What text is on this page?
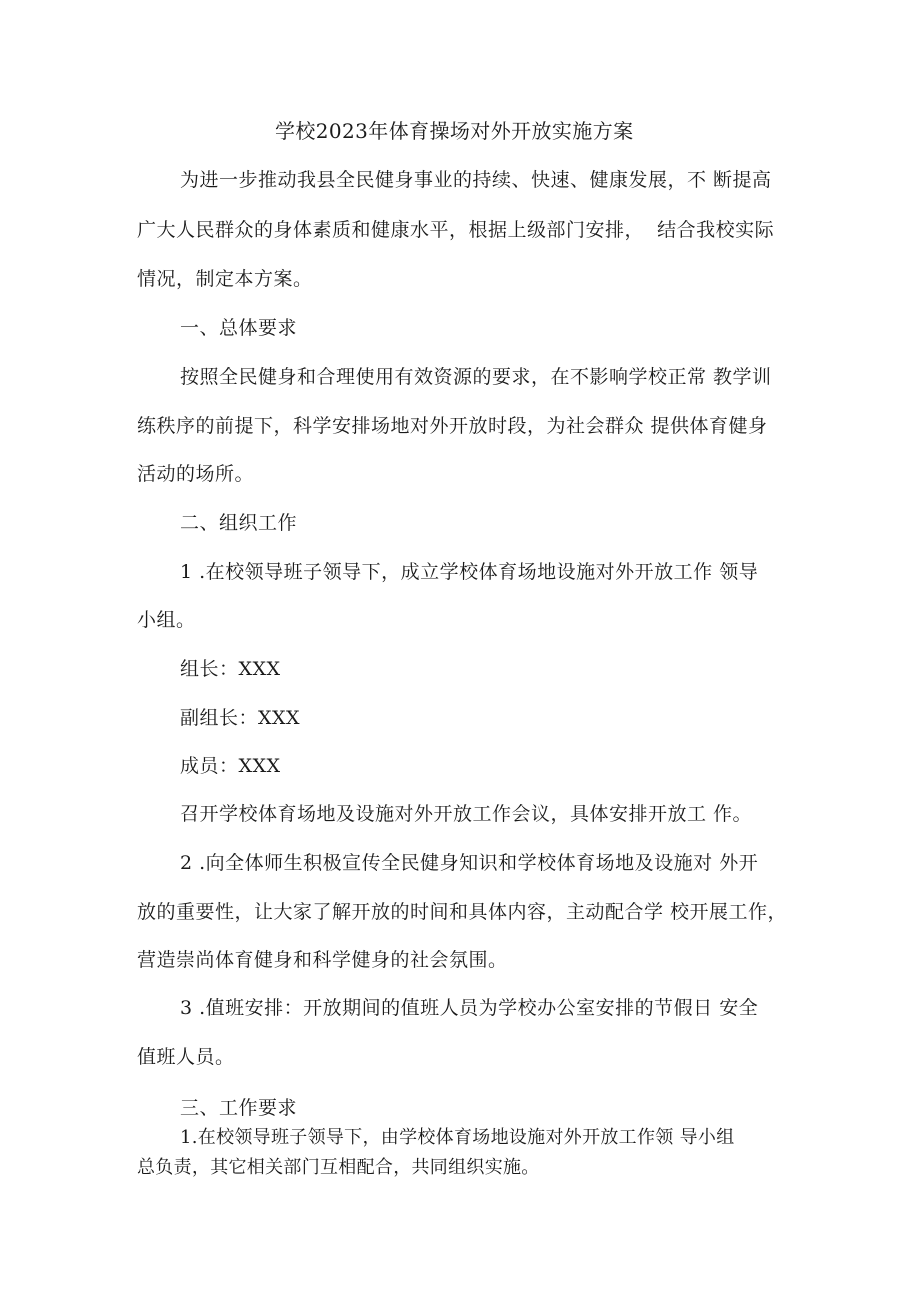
学校2023年体育操场对外开放实施方案
为进一步推动我县全民健身事业的持续、快速、健康发展，不 断提高
广大人民群众的身体素质和健康水平，根据上级部门安排，  结合我校实际
情况，制定本方案。
一、总体要求
按照全民健身和合理使用有效资源的要求，在不影响学校正常 教学训
练秩序的前提下，科学安排场地对外开放时段，为社会群众 提供体育健身
活动的场所。
二、组织工作
1 .在校领导班子领导下，成立学校体育场地设施对外开放工作 领导
小组。
组长：XXX
副组长：XXX
成员：XXX
召开学校体育场地及设施对外开放工作会议，具体安排开放工 作。
2 .向全体师生积极宣传全民健身知识和学校体育场地及设施对 外开
放的重要性，让大家了解开放的时间和具体内容，主动配合学 校开展工作，
营造崇尚体育健身和科学健身的社会氛围。
3 .值班安排：开放期间的值班人员为学校办公室安排的节假日 安全
值班人员。
三、工作要求
1.在校领导班子领导下，由学校体育场地设施对外开放工作领 导小组
总负责，其它相关部门互相配合，共同组织实施。
